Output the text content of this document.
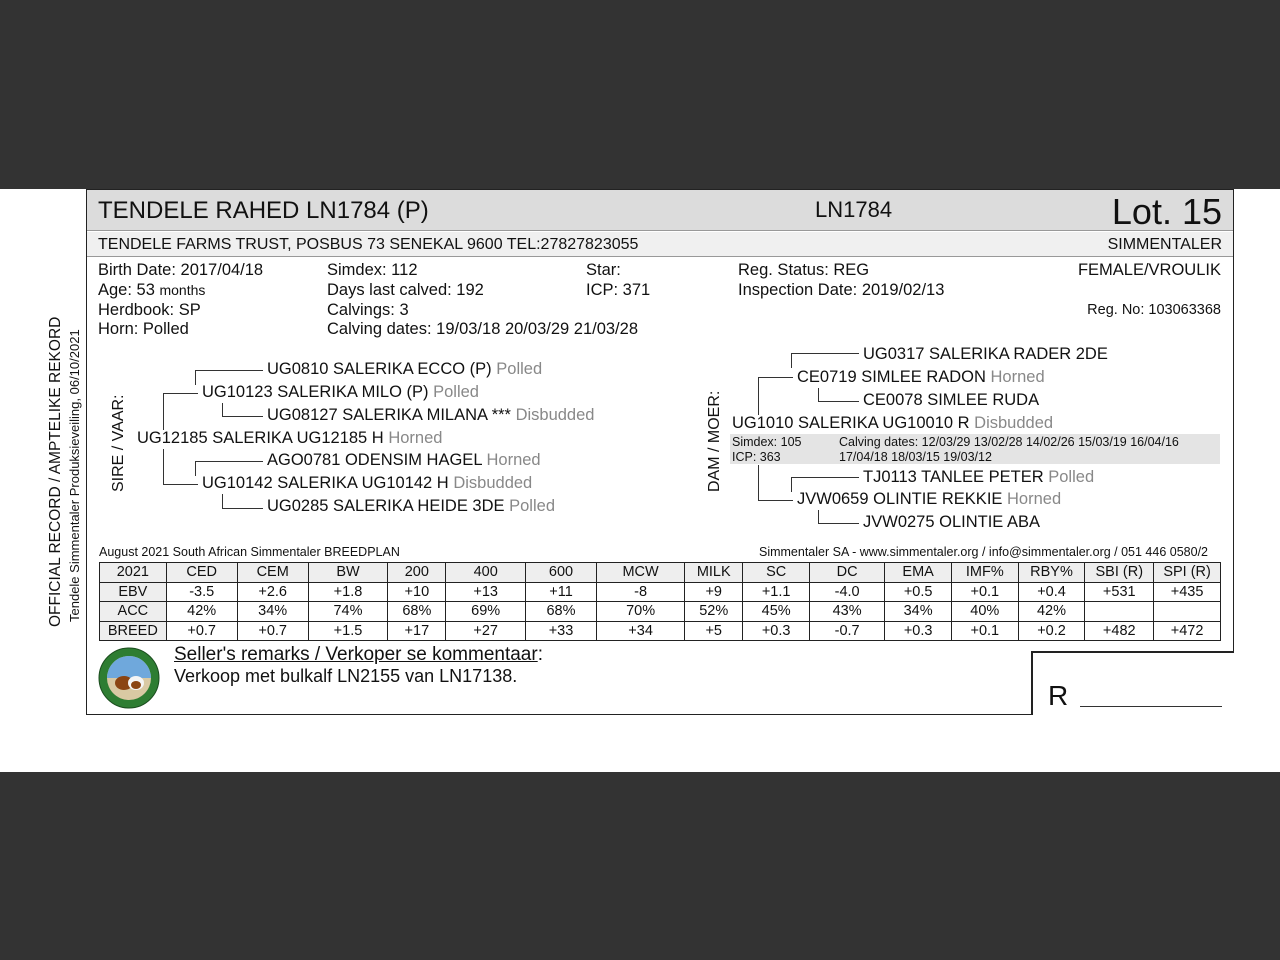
TENDELE RAHED LN1784 (P)	LN1784	Lot. 15
TENDELE FARMS TRUST, POSBUS 73 SENEKAL 9600 TEL:27827823055	SIMMENTALER
Birth Date: 2017/04/18
Age: 53 months
Herdbook: SP
Horn: Polled
Simdex: 112
Days last calved: 192
Calvings: 3
Calving dates: 19/03/18 20/03/29 21/03/28
Star:
ICP: 371
Reg. Status: REG
Inspection Date: 2019/02/13
FEMALE/VROULIK
Reg. No: 103063368
OFFICIAL RECORD / AMPTELIKE REKORD Tendele Simmentaler Produksieveiling, 06/10/2021 SIRE / VAAR:	DAM / MOER:
UG0810 SALERIKA ECCO (P) Polled
UG10123 SALERIKA MILO (P) Polled
UG08127 SALERIKA MILANA *** Disbudded
UG12185 SALERIKA UG12185 H Horned
AGO0781 ODENSIM HAGEL Horned
UG10142 SALERIKA UG10142 H Disbudded
UG0285 SALERIKA HEIDE 3DE Polled
UG0317 SALERIKA RADER 2DE
CE0719 SIMLEE RADON Horned
CE0078 SIMLEE RUDA
UG1010 SALERIKA UG10010 R Disbudded
Simdex: 105
ICP: 363
Calving dates: 12/03/29 13/02/28 14/02/26 15/03/19 16/04/16
17/04/18 18/03/15 19/03/12
TJ0113 TANLEE PETER Polled
JVW0659 OLINTIE REKKIE Horned
JVW0275 OLINTIE ABA
August 2021 South African Simmentaler BREEDPLAN	Simmentaler SA - www.simmentaler.org / info@simmentaler.org / 051 446 0580/2
2021	CED	CEM	BW	200	400	600	MCW	MILK	SC	DC	EMA	IMF%	RBY%	SBI (R)	SPI (R)
EBV	-3.5	+2.6	+1.8	+10	+13	+11	-8	+9	+1.1	-4.0	+0.5	+0.1	+0.4	+531	+435
ACC	42%	34%	74%	68%	69%	68%	70%	52%	45%	43%	34%	40%	42%		
BREED	+0.7	+0.7	+1.5	+17	+27	+33	+34	+5	+0.3	-0.7	+0.3	+0.1	+0.2	+482	+472
Seller's remarks / Verkoper se kommentaar:
Verkoop met bulkalf LN2155 van LN17138.
R
